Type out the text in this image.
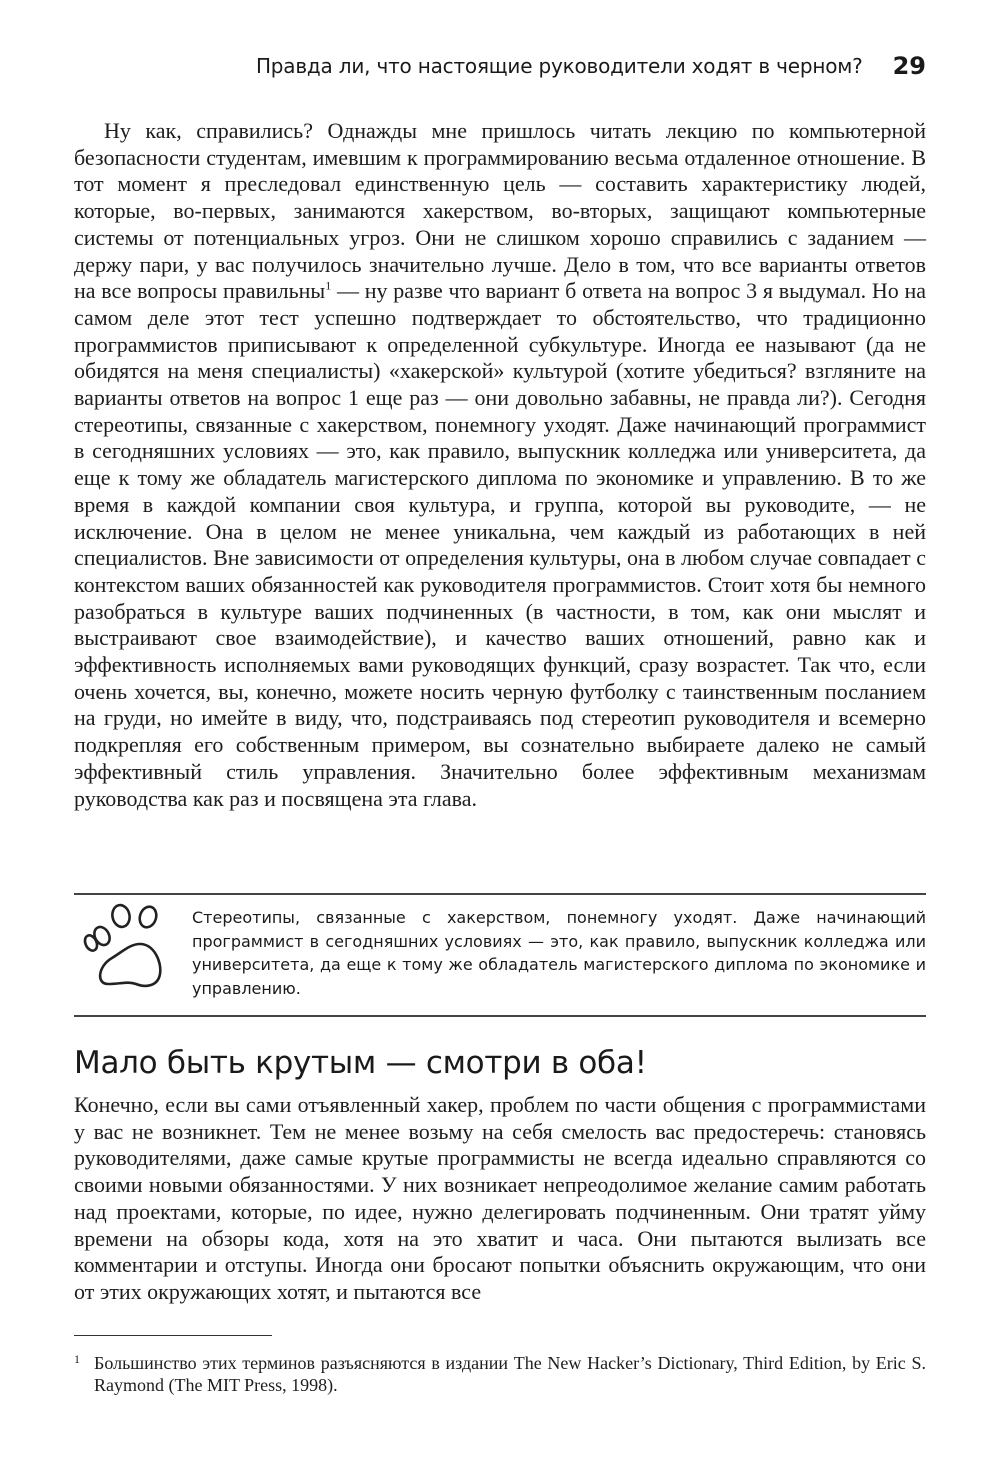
Правда ли, что настоящие руководители ходят в черном? 29

Ну как, справились? Однажды мне пришлось читать лекцию по компьютерной безопасности студентам, имевшим к программированию весьма отдаленное отношение. В тот момент я преследовал единственную цель — составить характеристику людей, которые, во-первых, занимаются хакерством, во-вторых, защищают компьютерные системы от потенциальных угроз. Они не слишком хорошо справились с заданием — держу пари, у вас получилось значительно лучше. Дело в том, что все варианты ответов на все вопросы правильны$^1$ — ну разве что вариант б ответа на вопрос 3 я выдумал. Но на самом деле этот тест успешно подтверждает то обстоятельство, что традиционно программистов приписывают к определенной субкультуре. Иногда ее называют (да не обидятся на меня специалисты) «хакерской» культурой (хотите убедиться? взгляните на варианты ответов на вопрос 1 еще раз — они довольно забавны, не правда ли?). Сегодня стереотипы, связанные с хакерством, понемногу уходят. Даже начинающий программист в сегодняшних условиях — это, как правило, выпускник колледжа или университета, да еще к тому же обладатель магистерского диплома по экономике и управлению. В то же время в каждой компании своя культура, и группа, которой вы руководите, — не исключение. Она в целом не менее уникальна, чем каждый из работающих в ней специалистов. Вне зависимости от определения культуры, она в любом случае совпадает с контекстом ваших обязанностей как руководителя программистов. Стоит хотя бы немного разобраться в культуре ваших подчиненных (в частности, в том, как они мыслят и выстраивают свое взаимодействие), и качество ваших отношений, равно как и эффективность исполняемых вами руководящих функций, сразу возрастет. Так что, если очень хочется, вы, конечно, можете носить черную футболку с таинственным посланием на груди, но имейте в виду, что, подстраиваясь под стереотип руководителя и всемерно подкрепляя его собственным примером, вы сознательно выбираете далеко не самый эффективный стиль управления. Значительно более эффективным механизмам руководства как раз и посвящена эта глава.

Стереотипы, связанные с хакерством, понемногу уходят. Даже начинающий программист в сегодняшних условиях — это, как правило, выпускник колледжа или университета, да еще к тому же обладатель магистерского диплома по экономике и управлению.

Мало быть крутым — смотри в оба!

Конечно, если вы сами отъявленный хакер, проблем по части общения с программистами у вас не возникнет. Тем не менее возьму на себя смелость вас предостеречь: становясь руководителями, даже самые крутые программисты не всегда идеально справляются со своими новыми обязанностями. У них возникает непреодолимое желание самим работать над проектами, которые, по идее, нужно делегировать подчиненным. Они тратят уйму времени на обзоры кода, хотя на это хватит и часа. Они пытаются вылизать все комментарии и отступы. Иногда они бросают попытки объяснить окружающим, что они от этих окружающих хотят, и пытаются все

1 Большинство этих терминов разъясняются в издании The New Hacker’s Dictionary, Third Edition, by Eric S. Raymond (The MIT Press, 1998).
